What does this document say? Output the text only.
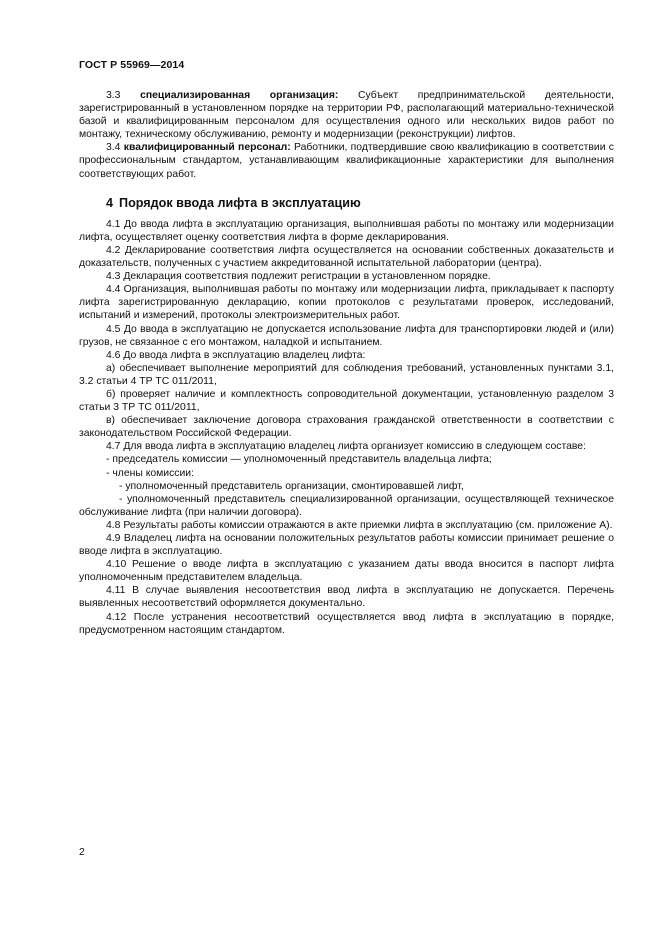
ГОСТ Р 55969—2014

3.3 специализированная организация: Субъект предпринимательской деятельности, зарегистрированный в установленном порядке на территории РФ, располагающий материально-технической базой и квалифицированным персоналом для осуществления одного или нескольких видов работ по монтажу, техническому обслуживанию, ремонту и модернизации (реконструкции) лифтов.

3.4 квалифицированный персонал: Работники, подтвердившие свою квалификацию в соответствии с профессиональным стандартом, устанавливающим квалификационные характеристики для выполнения соответствующих работ.

4 Порядок ввода лифта в эксплуатацию

4.1 До ввода лифта в эксплуатацию организация, выполнившая работы по монтажу или модернизации лифта, осуществляет оценку соответствия лифта в форме декларирования.

4.2 Декларирование соответствия лифта осуществляется на основании собственных доказательств и доказательств, полученных с участием аккредитованной испытательной лаборатории (центра).

4.3 Декларация соответствия подлежит регистрации в установленном порядке.

4.4 Организация, выполнившая работы по монтажу или модернизации лифта, прикладывает к паспорту лифта зарегистрированную декларацию, копии протоколов с результатами проверок, исследований, испытаний и измерений, протоколы электроизмерительных работ.

4.5 До ввода в эксплуатацию не допускается использование лифта для транспортировки людей и (или) грузов, не связанное с его монтажом, наладкой и испытанием.

4.6 До ввода лифта в эксплуатацию владелец лифта:

а) обеспечивает выполнение мероприятий для соблюдения требований, установленных пунктами 3.1, 3.2 статьи 4 ТР ТС 011/2011,

б) проверяет наличие и комплектность сопроводительной документации, установленную разделом 3 статьи 3 ТР ТС 011/2011,

в) обеспечивает заключение договора страхования гражданской ответственности в соответствии с законодательством Российской Федерации.

4.7 Для ввода лифта в эксплуатацию владелец лифта организует комиссию в следующем составе:

- председатель комиссии — уполномоченный представитель владельца лифта;

- члены комиссии:

- уполномоченный представитель организации, смонтировавшей лифт,

- уполномоченный представитель специализированной организации, осуществляющей техническое обслуживание лифта (при наличии договора).

4.8 Результаты работы комиссии отражаются в акте приемки лифта в эксплуатацию (см. приложение А).

4.9 Владелец лифта на основании положительных результатов работы комиссии принимает решение о вводе лифта в эксплуатацию.

4.10 Решение о вводе лифта в эксплуатацию с указанием даты ввода вносится в паспорт лифта уполномоченным представителем владельца.

4.11 В случае выявления несоответствия ввод лифта в эксплуатацию не допускается. Перечень выявленных несоответствий оформляется документально.

4.12 После устранения несоответствий осуществляется ввод лифта в эксплуатацию в порядке, предусмотренном настоящим стандартом.

2
